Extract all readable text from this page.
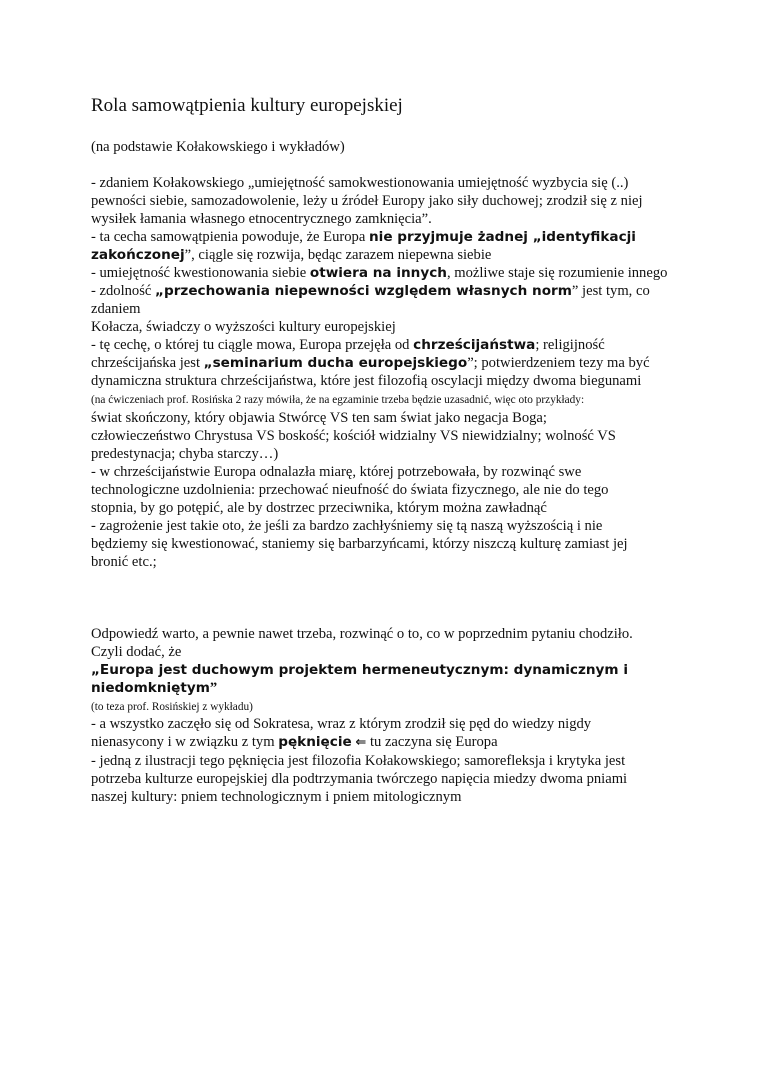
Rola samowątpienia kultury europejskiej

(na podstawie Kołakowskiego i wykładów)

- zdaniem Kołakowskiego „umiejętność samokwestionowania umiejętność wyzbycia się (..)
pewności siebie, samozadowolenie, leży u źródeł Europy jako siły duchowej; zrodził się z niej
wysiłek łamania własnego etnocentrycznego zamknięcia”.

- ta cecha samowątpienia powoduje, że Europa nie przyjmuje żadnej „identyfikacji
zakończonej”, ciągle się rozwija, będąc zarazem niepewna siebie

- umiejętność kwestionowania siebie otwiera na innych, możliwe staje się rozumienie innego

- zdolność „przechowania niepewności względem własnych norm” jest tym, co zdaniem
Kołacza, świadczy o wyższości kultury europejskiej

- tę cechę, o której tu ciągle mowa, Europa przejęła od chrześcijaństwa; religijność
chrześcijańska jest „seminarium ducha europejskiego”; potwierdzeniem tezy ma być
dynamiczna struktura chrześcijaństwa, które jest filozofią oscylacji między dwoma biegunami
(na ćwiczeniach prof. Rosińska 2 razy mówiła, że na egzaminie trzeba będzie uzasadnić, więc oto przykłady:
świat skończony, który objawia Stwórcę VS ten sam świat jako negacja Boga;
człowieczeństwo Chrystusa VS boskość; kościół widzialny VS niewidzialny; wolność VS
predestynacja; chyba starczy…)

- w chrześcijaństwie Europa odnalazła miarę, której potrzebowała, by rozwinąć swe
technologiczne uzdolnienia: przechować nieufność do świata fizycznego, ale nie do tego
stopnia, by go potępić, ale by dostrzec przeciwnika, którym można zawładnąć

- zagrożenie jest takie oto, że jeśli za bardzo zachłyśniemy się tą naszą wyższością i nie
będziemy się kwestionować, staniemy się barbarzyńcami, którzy niszczą kulturę zamiast jej
bronić etc.;

Odpowiedź warto, a pewnie nawet trzeba, rozwinąć o to, co w poprzednim pytaniu chodziło.
Czyli dodać, że
„Europa jest duchowym projektem hermeneutycznym: dynamicznym i niedomkniętym”
(to teza prof. Rosińskiej z wykładu)
- a wszystko zaczęło się od Sokratesa, wraz z którym zrodził się pęd do wiedzy nigdy
nienasycony i w związku z tym pęknięcie ⇐ tu zaczyna się Europa
- jedną z ilustracji tego pęknięcia jest filozofia Kołakowskiego; samorefleksja i krytyka jest
potrzeba kulturze europejskiej dla podtrzymania twórczego napięcia miedzy dwoma pniami
naszej kultury: pniem technologicznym i pniem mitologicznym
